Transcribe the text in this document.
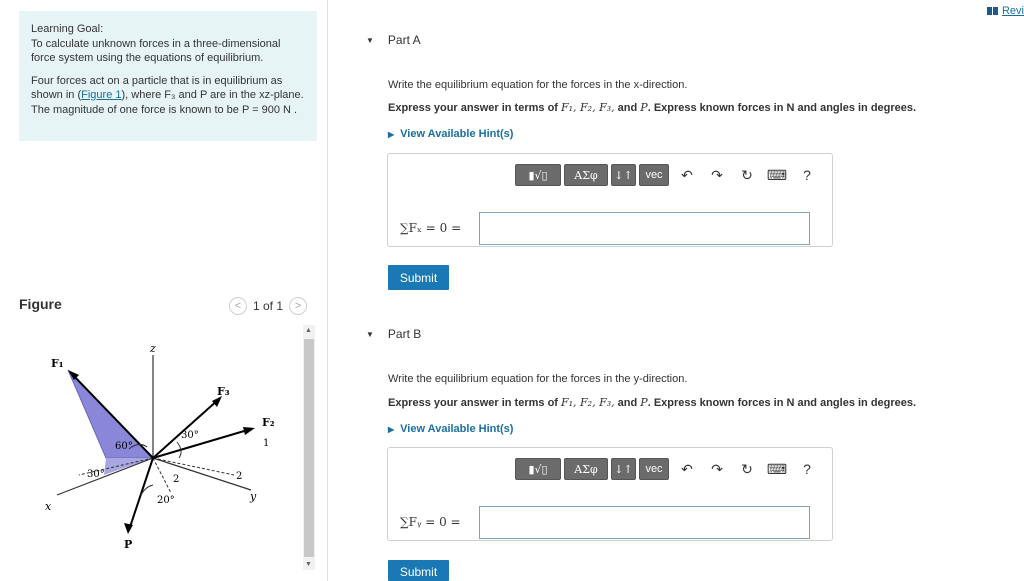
Learning Goal:
To calculate unknown forces in a three-dimensional force system using the equations of equilibrium.

Four forces act on a particle that is in equilibrium as shown in (Figure 1), where F₃ and P are in the xz-plane. The magnitude of one force is known to be P = 900 N .

Figure	< 1 of 1	>
F₁
F₃
F₂
P
z
x
y
60°
30°
30°
20°
2	2
1
▲
▼
Revi
▼ Part A
Write the equilibrium equation for the forces in the x-direction.
Express your answer in terms of F₁, F₂, F₃, and P. Express known forces in N and angles in degrees.
▶ View Available Hint(s)
▮√▯	ΑΣφ	↓↑	vec	↶	↷	↻	⌨	?
∑Fₓ = 0 =
Submit
▼ Part B
Write the equilibrium equation for the forces in the y-direction.
Express your answer in terms of F₁, F₂, F₃, and P. Express known forces in N and angles in degrees.
▶ View Available Hint(s)
▮√▯	ΑΣφ	↓↑	vec	↶	↷	↻	⌨	?
∑Fᵧ = 0 =
Submit
